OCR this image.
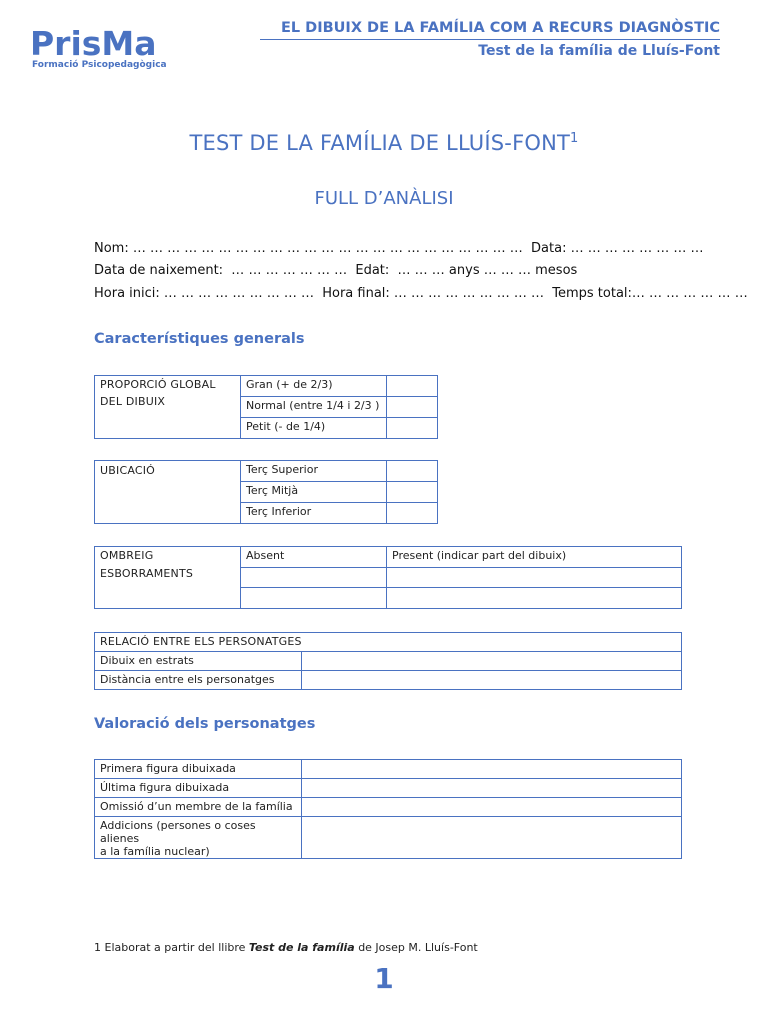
PrisMa
Formació Psicopedagògica
EL DIBUIX DE LA FAMÍLIA COM A RECURS DIAGNÒSTIC
Test de la família de Lluís-Font
TEST DE LA FAMÍLIA DE LLUÍS-FONT$^1$
FULL D’ANÀLISI
Nom: … … … … … … … … … … … … … … … … … … … … … … …  Data: … … … … … … … …
Data de naixement:  … … … … … … …  Edat:  … … … anys … … … mesos
Hora inici: … … … … … … … … …  Hora final: … … … … … … … … …  Temps total:… … … … … … …
Característiques generals
PROPORCIÓ GLOBAL
DEL DIBUIX	Gran (+ de 2/3)	
	Normal (entre 1/4 i 2/3 )	
	Petit (- de 1/4)	
UBICACIÓ	Terç Superior	
	Terç Mitjà	
	Terç Inferior	
OMBREIG
ESBORRAMENTS	Absent	Present (indicar part del dibuix)

RELACIÓ ENTRE ELS PERSONATGES	
Dibuix en estrats	
Distància entre els personatges	
Valoració dels personatges
Primera figura dibuixada	
Última figura dibuixada	
Omissió d’un membre de la família	

Addicions (persones o coses alienes
a la família nuclear)	

1 Elaborat a partir del llibre Test de la família de Josep M. Lluís-Font
1
